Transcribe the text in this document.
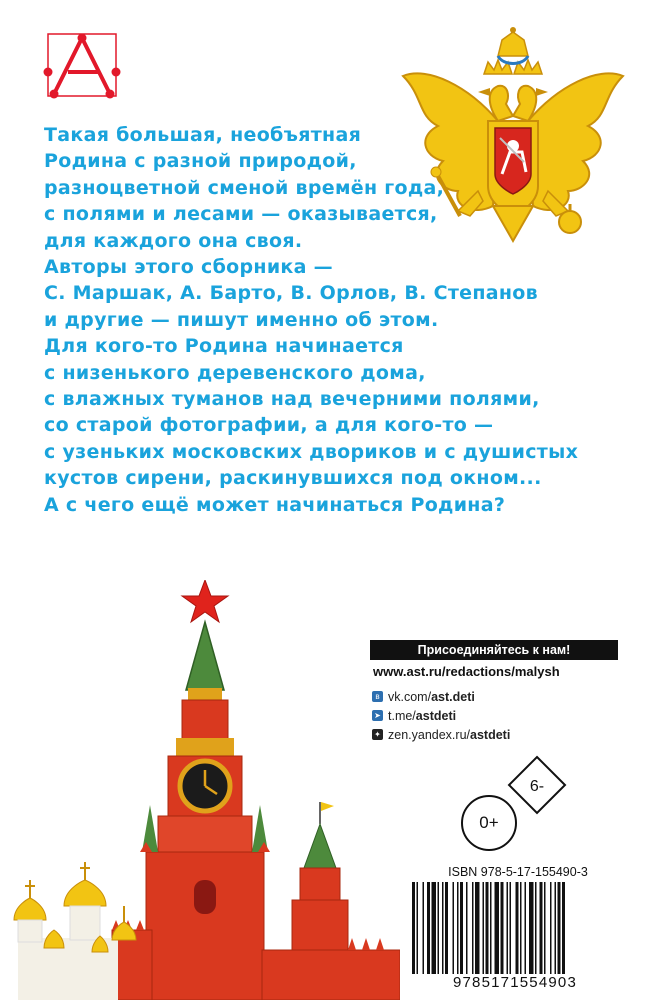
Такая большая, необъятная
Родина с разной природой,
разноцветной сменой времён года,
с полями и лесами — оказывается,
для каждого она своя.
Авторы этого сборника —
С. Маршак, А. Барто, В. Орлов, В. Степанов
и другие — пишут именно об этом.
Для кого-то Родина начинается
с низенького деревенского дома,
с влажных туманов над вечерними полями,
со старой фотографии, а для кого-то —
с узеньких московских двориков и с душистых
кустов сирени, раскинувшихся под окном...
А с чего ещё может начинаться Родина?
Присоединяйтесь к нам!
www.ast.ru/redactions/malysh
в vk.com/ ast.deti
➤ t.me/ astdeti
✦ zen.yandex.ru/ astdeti
6-
0+
ISBN 978-5-17-155490-3
9785171554903
